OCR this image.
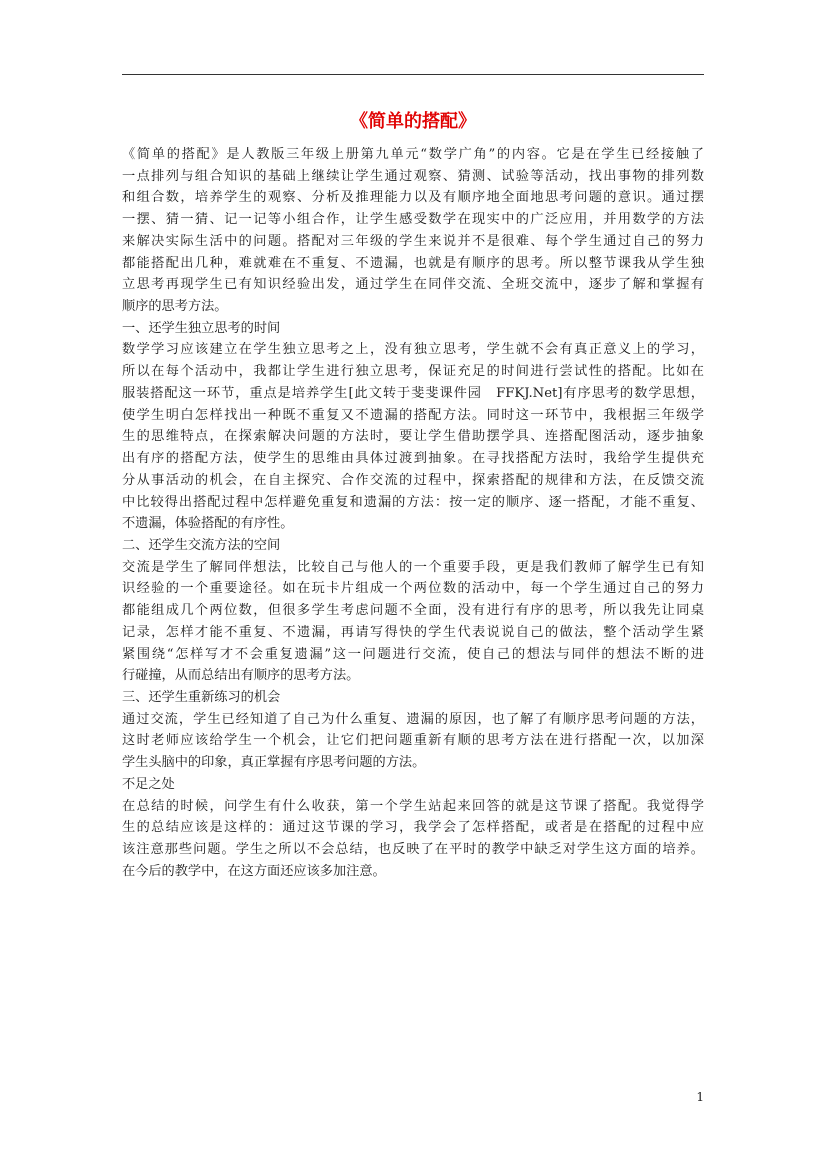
《简单的搭配》
《简单的搭配》是人教版三年级上册第九单元“数学广角”的内容。它是在学生已经接触了
一点排列与组合知识的基础上继续让学生通过观察、猜测、试验等活动，找出事物的排列数
和组合数，培养学生的观察、分析及推理能力以及有顺序地全面地思考问题的意识。通过摆
一摆、猜一猜、记一记等小组合作，让学生感受数学在现实中的广泛应用，并用数学的方法
来解决实际生活中的问题。搭配对三年级的学生来说并不是很难、每个学生通过自己的努力
都能搭配出几种，难就难在不重复、不遗漏，也就是有顺序的思考。所以整节课我从学生独
立思考再现学生已有知识经验出发，通过学生在同伴交流、全班交流中，逐步了解和掌握有
顺序的思考方法。
一、还学生独立思考的时间
数学学习应该建立在学生独立思考之上，没有独立思考，学生就不会有真正意义上的学习，
所以在每个活动中，我都让学生进行独立思考，保证充足的时间进行尝试性的搭配。比如在
服装搭配这一环节，重点是培养学生[此文转于斐斐课件园　FFKJ.Net]有序思考的数学思想，
使学生明白怎样找出一种既不重复又不遗漏的搭配方法。同时这一环节中，我根据三年级学
生的思维特点，在探索解决问题的方法时，要让学生借助摆学具、连搭配图活动，逐步抽象
出有序的搭配方法，使学生的思维由具体过渡到抽象。在寻找搭配方法时，我给学生提供充
分从事活动的机会，在自主探究、合作交流的过程中，探索搭配的规律和方法，在反馈交流
中比较得出搭配过程中怎样避免重复和遗漏的方法：按一定的顺序、逐一搭配，才能不重复、
不遗漏，体验搭配的有序性。
二、还学生交流方法的空间
交流是学生了解同伴想法，比较自己与他人的一个重要手段，更是我们教师了解学生已有知
识经验的一个重要途径。如在玩卡片组成一个两位数的活动中，每一个学生通过自己的努力
都能组成几个两位数，但很多学生考虑问题不全面，没有进行有序的思考，所以我先让同桌
记录，怎样才能不重复、不遗漏，再请写得快的学生代表说说自己的做法，整个活动学生紧
紧围绕“怎样写才不会重复遗漏”这一问题进行交流，使自己的想法与同伴的想法不断的进
行碰撞，从而总结出有顺序的思考方法。
三、还学生重新练习的机会
通过交流，学生已经知道了自己为什么重复、遗漏的原因，也了解了有顺序思考问题的方法，
这时老师应该给学生一个机会，让它们把问题重新有顺的思考方法在进行搭配一次，以加深
学生头脑中的印象，真正掌握有序思考问题的方法。
不足之处
在总结的时候，问学生有什么收获，第一个学生站起来回答的就是这节课了搭配。我觉得学
生的总结应该是这样的：通过这节课的学习，我学会了怎样搭配，或者是在搭配的过程中应
该注意那些问题。学生之所以不会总结，也反映了在平时的教学中缺乏对学生这方面的培养。
在今后的教学中，在这方面还应该多加注意。
1
